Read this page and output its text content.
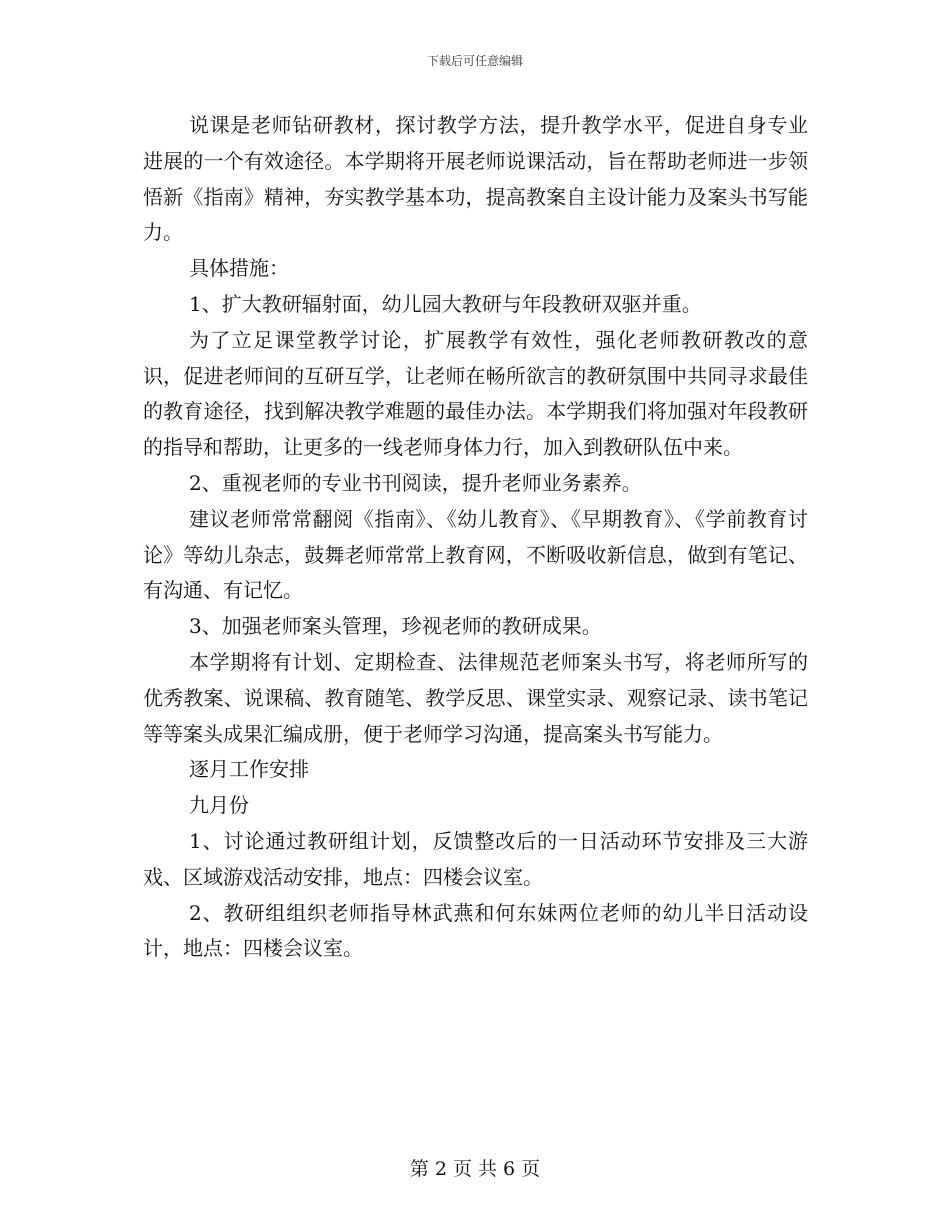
下载后可任意编辑

说课是老师钻研教材，探讨教学方法，提升教学水平，促进自身专业进展的一个有效途径。本学期将开展老师说课活动，旨在帮助老师进一步领悟新《指南》精神，夯实教学基本功，提高教案自主设计能力及案头书写能力。

具体措施：

1、扩大教研辐射面，幼儿园大教研与年段教研双驱并重。

为了立足课堂教学讨论，扩展教学有效性，强化老师教研教改的意识，促进老师间的互研互学，让老师在畅所欲言的教研氛围中共同寻求最佳的教育途径，找到解决教学难题的最佳办法。本学期我们将加强对年段教研的指导和帮助，让更多的一线老师身体力行，加入到教研队伍中来。

2、重视老师的专业书刊阅读，提升老师业务素养。

建议老师常常翻阅《指南》、《幼儿教育》、《早期教育》、《学前教育讨论》等幼儿杂志，鼓舞老师常常上教育网，不断吸收新信息，做到有笔记、有沟通、有记忆。

3、加强老师案头管理，珍视老师的教研成果。

本学期将有计划、定期检查、法律规范老师案头书写，将老师所写的优秀教案、说课稿、教育随笔、教学反思、课堂实录、观察记录、读书笔记等等案头成果汇编成册，便于老师学习沟通，提高案头书写能力。

逐月工作安排

九月份

1、讨论通过教研组计划，反馈整改后的一日活动环节安排及三大游戏、区域游戏活动安排，地点：四楼会议室。

2、教研组组织老师指导林武燕和何东妹两位老师的幼儿半日活动设计，地点：四楼会议室。

第 2 页 共 6 页
